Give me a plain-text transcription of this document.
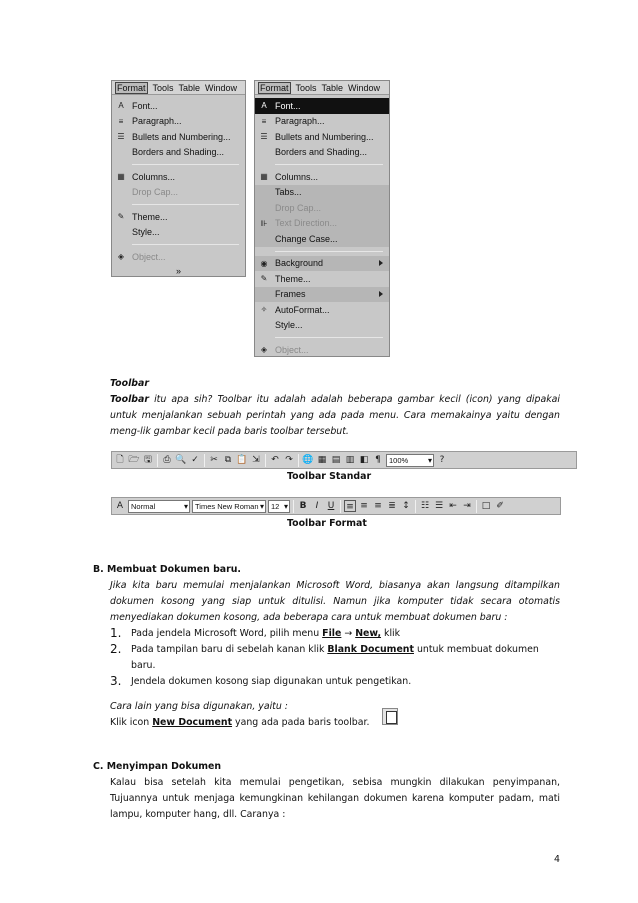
Format Tools Table Window
A Font...
≡ Paragraph...
☰ Bullets and Numbering...
Borders and Shading...
▦ Columns...
Drop Cap...
✎ Theme...
Style...
◈ Object...
»
Format Tools Table Window
A Font...
≡ Paragraph...
☰ Bullets and Numbering...
Borders and Shading...
▦ Columns...
Tabs...
Drop Cap...
⊪ Text Direction...
Change Case...
◉ Background
✎ Theme...
Frames
✧ AutoFormat...
Style...
◈ Object...
Toolbar
Toolbar itu apa sih? Toolbar itu adalah adalah beberapa gambar kecil (icon) yang dipakai
untuk menjalankan sebuah perintah yang ada pada menu. Cara memakainya yaitu dengan
meng-lik gambar kecil pada baris toolbar tersebut.
🗋 🗁 🖫 ⎙ 🔍 ✓ ✂ ⧉ 📋 ⇲ ↶ ↷ 🌐 ▦ ▤ ▥ ◧ ¶	100% ▾	?
Toolbar Standar
A	Normal ▾	Times New Roman ▾	12 ▾	B	I	U	≡ ≡ ≡ ≣ ↕ ☷ ☰ ⇤ ⇥ □ ✐
Toolbar Format
B. Membuat Dokumen baru.
Jika kita baru memulai menjalankan Microsoft Word, biasanya akan langsung ditampilkan
dokumen kosong yang siap untuk ditulisi. Namun jika komputer tidak secara otomatis
menyediakan dokumen kosong, ada beberapa cara untuk membuat dokumen baru :
1. Pada jendela Microsoft Word, pilih menu File → New, klik
2. Pada tampilan baru di sebelah kanan klik Blank Document untuk membuat dokumen
baru.
3. Jendela dokumen kosong siap digunakan untuk pengetikan.
Cara lain yang bisa digunakan, yaitu :
Klik icon New Document yang ada pada baris toolbar.
C. Menyimpan Dokumen
Kalau bisa setelah kita memulai pengetikan, sebisa mungkin dilakukan penyimpanan,
Tujuannya untuk menjaga kemungkinan kehilangan dokumen karena komputer padam, mati
lampu, komputer hang, dll. Caranya :
4
